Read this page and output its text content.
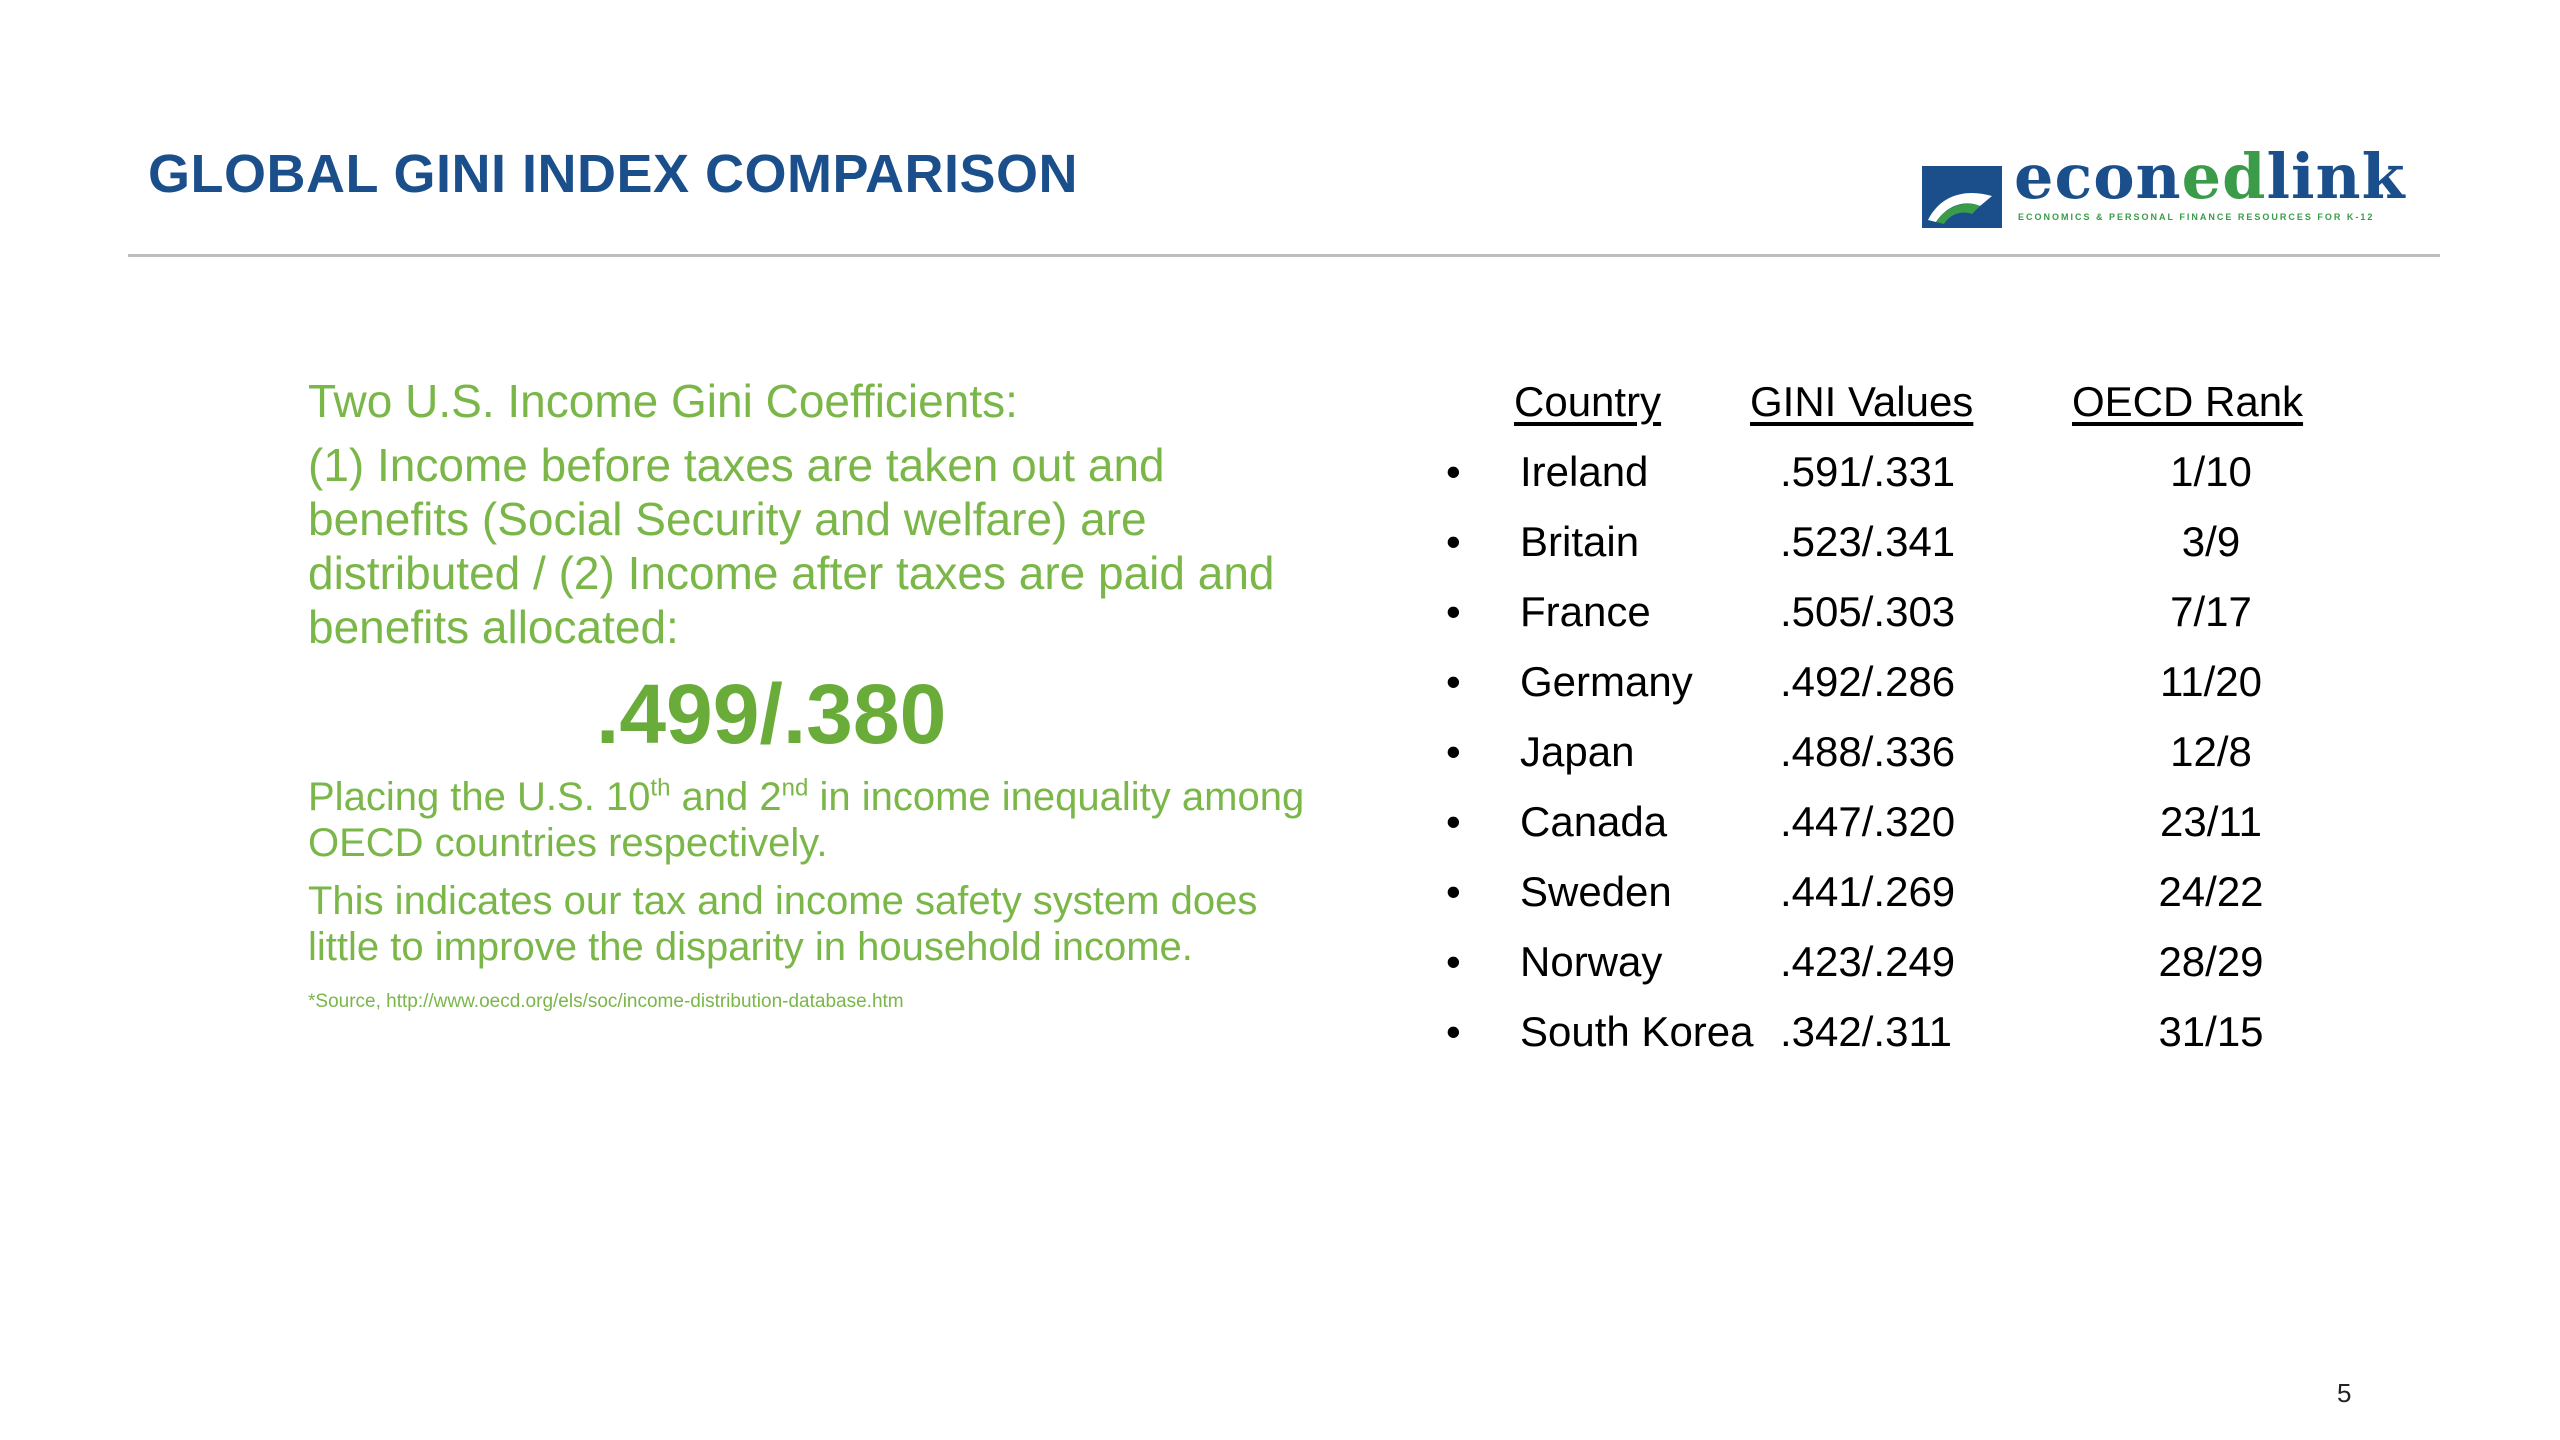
GLOBAL GINI INDEX COMPARISON	econedlink
ECONOMICS & PERSONAL FINANCE RESOURCES FOR K-12

Two U.S. Income Gini Coefficients:

(1) Income before taxes are taken out and benefits (Social Security and welfare) are distributed / (2) Income after taxes are paid and benefits allocated:

.499/.380

Placing the U.S. 10th and 2nd in income inequality among OECD countries respectively.

This indicates our tax and income safety system does little to improve the disparity in household income.

*Source, http://www.oecd.org/els/soc/income-distribution-database.htm
Country GINI Values OECD Rank
• Ireland	.591/.331	1/10
• Britain	.523/.341	3/9
• France	.505/.303	7/17
• Germany .492/.286	11/20
• Japan	.488/.336	12/8
• Canada	.447/.320	23/11
• Sweden	.441/.269	24/22
• Norway	.423/.249	28/29
• South Korea .342/.311	31/15
5
